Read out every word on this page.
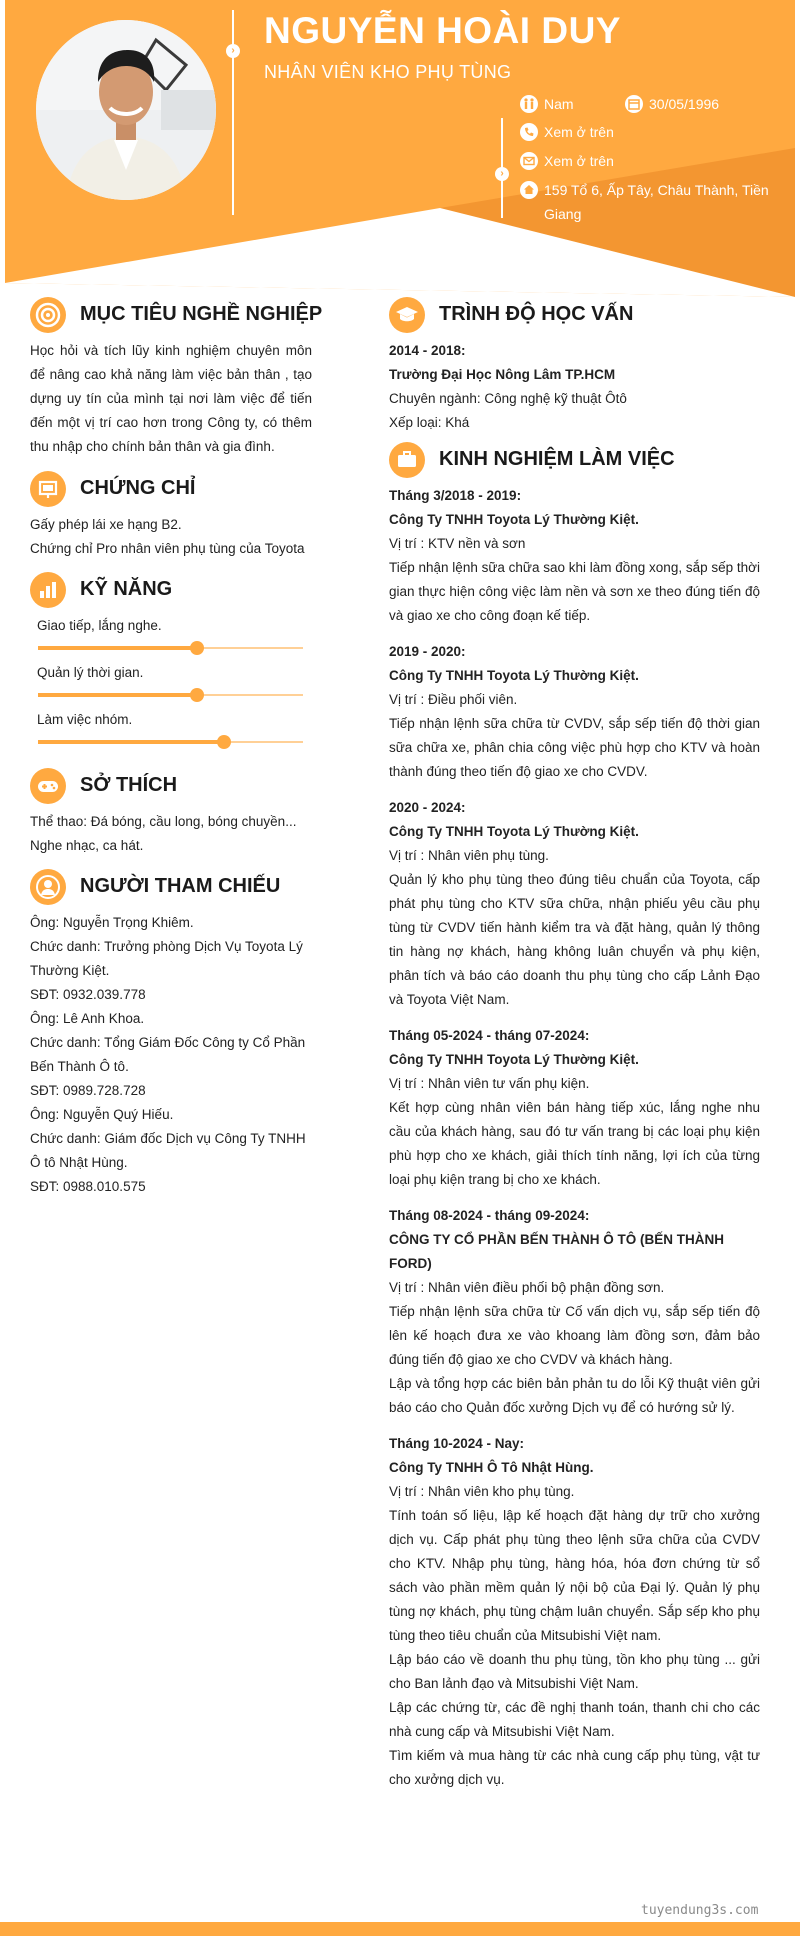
›
›
NGUYỄN HOÀI DUY
NHÂN VIÊN KHO PHỤ TÙNG
Nam	30/05/1996
Xem ở trên
Xem ở trên
159 Tổ 6, Ấp Tây, Châu Thành, Tiền Giang
MỤC TIÊU NGHỀ NGHIỆP

Học hỏi và tích lũy kinh nghiệm chuyên môn để nâng cao khả năng làm việc bản thân , tạo dựng uy tín của mình tại nơi làm việc để tiến đến một vị trí cao hơn trong Công ty, có thêm thu nhập cho chính bản thân và gia đình.

CHỨNG CHỈ
Gấy phép lái xe hạng B2.
Chứng chỉ Pro nhân viên phụ tùng của Toyota
KỸ NĂNG
Giao tiếp, lắng nghe.
Quản lý thời gian.
Làm việc nhóm.
SỞ THÍCH
Thể thao: Đá bóng, cầu long, bóng chuyền...
Nghe nhạc, ca hát.
NGƯỜI THAM CHIẾU
Ông: Nguyễn Trọng Khiêm.
Chức danh: Trưởng phòng Dịch Vụ Toyota Lý Thường Kiệt.
SĐT: 0932.039.778
Ông: Lê Anh Khoa.
Chức danh: Tổng Giám Đốc Công ty Cổ Phần Bến Thành Ô tô.
SĐT: 0989.728.728
Ông: Nguyễn Quý Hiếu.
Chức danh: Giám đốc Dịch vụ Công Ty TNHH Ô tô Nhật Hùng.
SĐT: 0988.010.575
TRÌNH ĐỘ HỌC VẤN
2014 - 2018:
Trường Đại Học Nông Lâm TP.HCM
Chuyên ngành: Công nghệ kỹ thuật Ôtô
Xếp loại: Khá
KINH NGHIỆM LÀM VIỆC
Tháng 3/2018 - 2019:
Công Ty TNHH Toyota Lý Thường Kiệt.
Vị trí : KTV nền và sơn

Tiếp nhận lệnh sữa chữa sao khi làm đồng xong, sắp sếp thời gian thực hiện công việc làm nền và sơn xe theo đúng tiến độ và giao xe cho công đoạn kế tiếp.

2019 - 2020:
Công Ty TNHH Toyota Lý Thường Kiệt.
Vị trí : Điều phối viên.

Tiếp nhận lệnh sữa chữa từ CVDV, sắp sếp tiến độ thời gian sữa chữa xe, phân chia công việc phù hợp cho KTV và hoàn thành đúng theo tiến độ giao xe cho CVDV.

2020 - 2024:
Công Ty TNHH Toyota Lý Thường Kiệt.
Vị trí : Nhân viên phụ tùng.

Quản lý kho phụ tùng theo đúng tiêu chuẩn của Toyota, cấp phát phụ tùng cho KTV sữa chữa, nhận phiếu yêu cầu phụ tùng từ CVDV tiến hành kiểm tra và đặt hàng, quản lý thông tin hàng nợ khách, hàng không luân chuyển và phụ kiện, phân tích và báo cáo doanh thu phụ tùng cho cấp Lảnh Đạo và Toyota Việt Nam.

Tháng 05-2024 - tháng 07-2024:
Công Ty TNHH Toyota Lý Thường Kiệt.
Vị trí : Nhân viên tư vấn phụ kiện.

Kết hợp cùng nhân viên bán hàng tiếp xúc, lắng nghe nhu cầu của khách hàng, sau đó tư vấn trang bị các loại phụ kiện phù hợp cho xe khách, giải thích tính năng, lợi ích của từng loại phụ kiện trang bị cho xe khách.

Tháng 08-2024 - tháng 09-2024:
CÔNG TY CỔ PHẦN BẾN THÀNH Ô TÔ (BẾN THÀNH FORD)
Vị trí : Nhân viên điều phối bộ phận đồng sơn.

Tiếp nhận lệnh sữa chữa từ Cố vấn dịch vụ, sắp sếp tiến độ lên kế hoạch đưa xe vào khoang làm đồng sơn, đảm bảo đúng tiến độ giao xe cho CVDV và khách hàng.

Lập và tổng hợp các biên bản phản tu do lỗi Kỹ thuật viên gửi báo cáo cho Quản đốc xưởng Dịch vụ để có hướng sử lý.

Tháng 10-2024 - Nay:
Công Ty TNHH Ô Tô Nhật Hùng.
Vị trí : Nhân viên kho phụ tùng.

Tính toán số liệu, lập kế hoạch đặt hàng dự trữ cho xưởng dịch vụ. Cấp phát phụ tùng theo lệnh sữa chữa của CVDV cho KTV. Nhập phụ tùng, hàng hóa, hóa đơn chứng từ sổ sách vào phần mềm quản lý nội bộ của Đại lý. Quản lý phụ tùng nợ khách, phụ tùng chậm luân chuyển. Sắp sếp kho phụ tùng theo tiêu chuẩn của Mitsubishi Việt nam.

Lập báo cáo về doanh thu phụ tùng, tồn kho phụ tùng ... gửi cho Ban lảnh đạo và Mitsubishi Việt Nam.

Lập các chứng từ, các đề nghị thanh toán, thanh chi cho các nhà cung cấp và Mitsubishi Việt Nam.

Tìm kiếm và mua hàng từ các nhà cung cấp phụ tùng, vật tư cho xưởng dịch vụ.

tuyendung3s.com
